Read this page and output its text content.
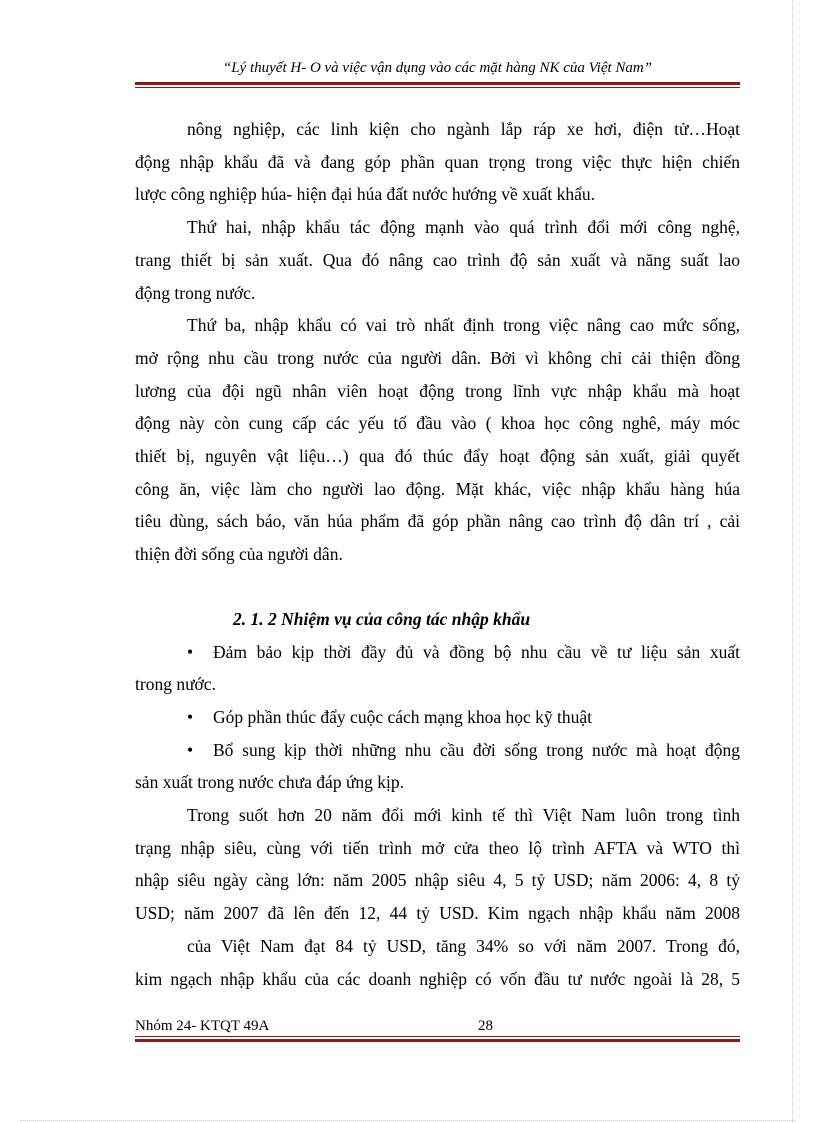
“Lý thuyết H- O và việc vận dụng vào các mặt hàng NK của Việt Nam”
nông nghiệp, các linh kiện cho ngành lắp ráp xe hơi, điện tử…Hoạt

động nhập khẩu đã và đang góp phần quan trọng trong việc thực hiện chiến

lược công nghiệp húa- hiện đại húa đất nước hướng về xuất khẩu.

Thứ hai, nhập khẩu tác động mạnh vào quá trình đổi mới công nghệ,

trang thiết bị sản xuất. Qua đó nâng cao trình độ sản xuất và năng suất lao

động trong nước.

Thứ ba, nhập khẩu có vai trò nhất định trong việc nâng cao mức sống,

mở rộng nhu cầu trong nước của người dân. Bởi vì không chỉ cải thiện đồng

lương của đội ngũ nhân viên hoạt động trong lĩnh vực nhập khẩu mà hoạt

động này còn cung cấp các yếu tố đầu vào ( khoa học công nghê, máy móc

thiết bị, nguyên vật liệu…) qua đó thúc đẩy hoạt động sản xuất, giải quyết

công ăn, việc làm cho người lao động. Mặt khác, việc nhập khẩu hàng húa

tiêu dùng, sách báo, văn húa phẩm đã góp phần nâng cao trình độ dân trí , cải

thiện đời sống của người dân.

2. 1. 2 Nhiệm vụ của công tác nhập khẩu

•	Đảm bảo kịp thời đầy đủ và đồng bộ nhu cầu về tư liệu sản xuất

trong nước.

•	Góp phần thúc đẩy cuộc cách mạng khoa học kỹ thuật
•	Bổ sung kịp thời những nhu cầu đời sống trong nước mà hoạt động

sản xuất trong nước chưa đáp ứng kịp.

Trong suốt hơn 20 năm đổi mới kinh tế thì Việt Nam luôn trong tình

trạng nhập siêu, cùng với tiến trình mở cửa theo lộ trình AFTA và WTO thì

nhập siêu ngày càng lớn: năm 2005 nhập siêu 4, 5 tỷ USD; năm 2006: 4, 8 tỷ

USD; năm 2007 đã lên đến 12, 44 tỷ USD. Kim ngạch nhập khẩu năm 2008

của Việt Nam đạt 84 tỷ USD, tăng 34% so với năm 2007. Trong đó,

kim ngạch nhập khẩu của các doanh nghiệp có vốn đầu tư nước ngoài là 28, 5

Nhóm 24- KTQT 49A	28
